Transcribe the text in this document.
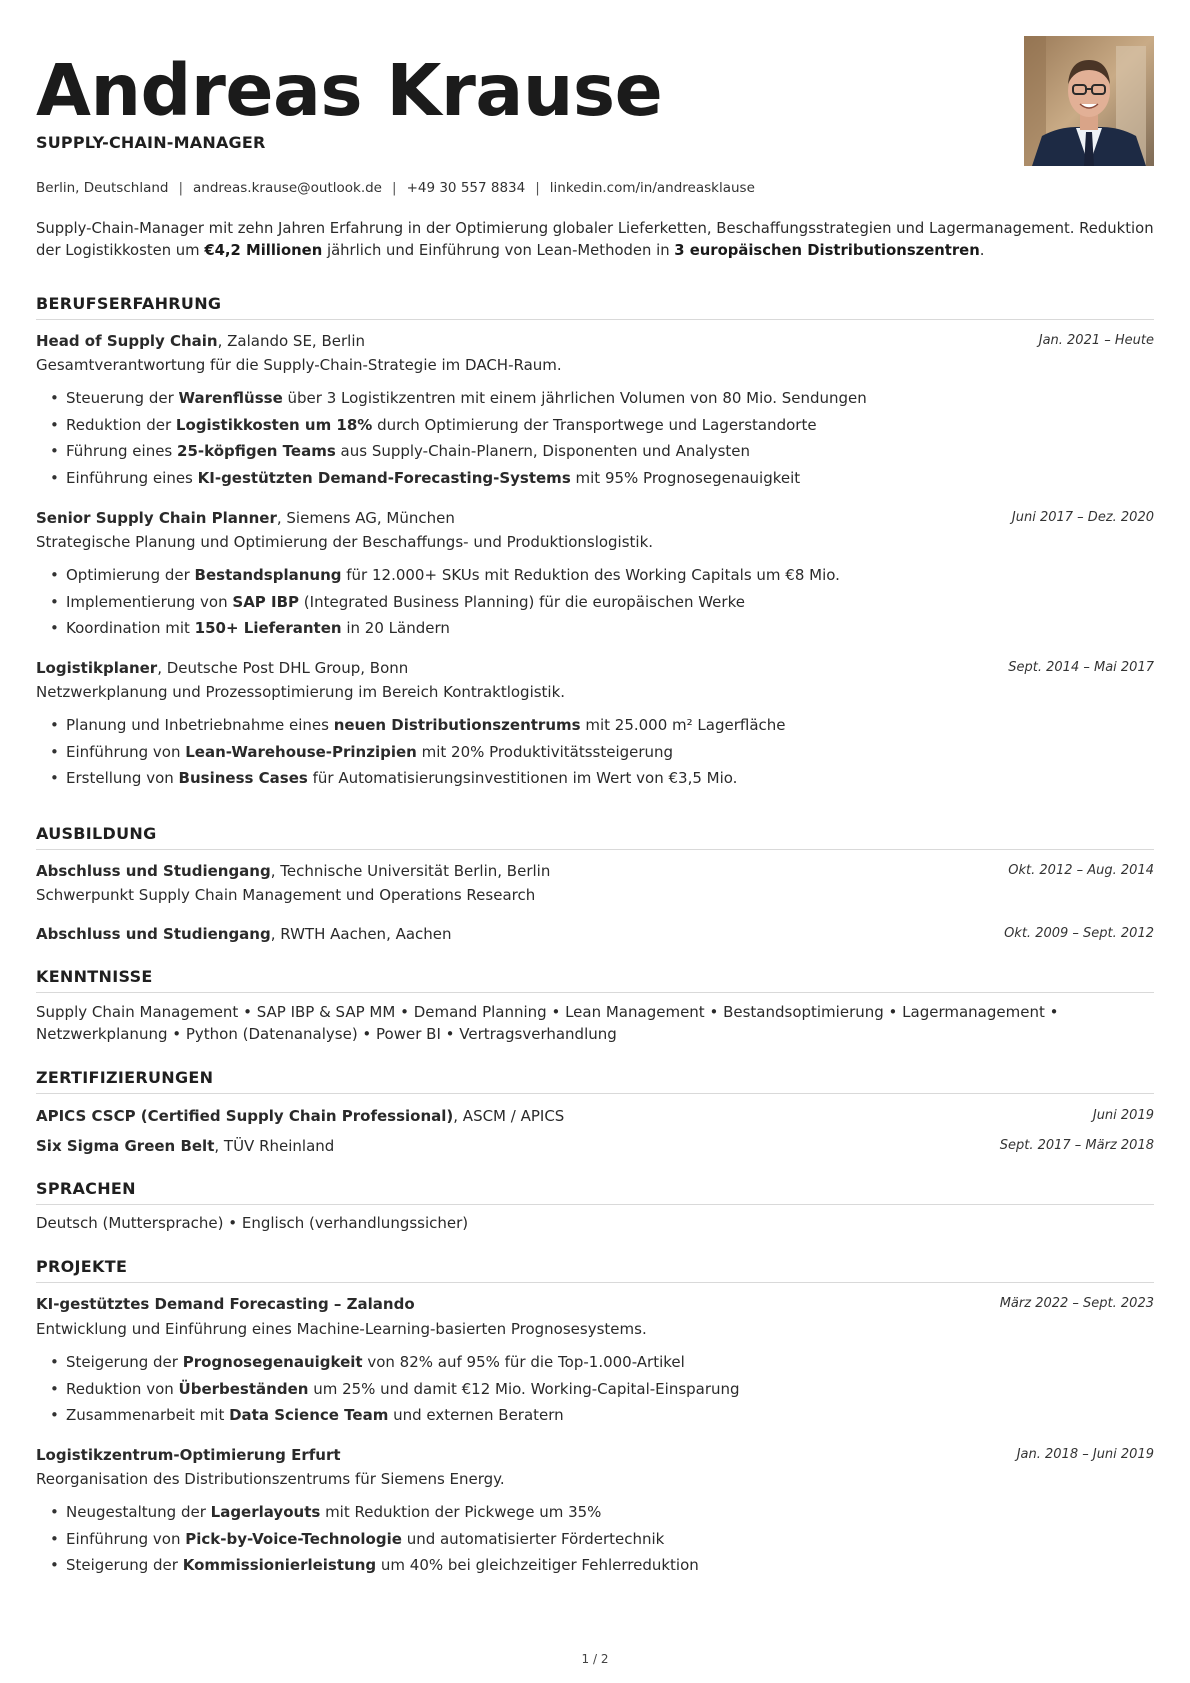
Andreas Krause
SUPPLY-CHAIN-MANAGER
Berlin, Deutschland | andreas.krause@outlook.de | +49 30 557 8834 | linkedin.com/in/andreasklause
Supply-Chain-Manager mit zehn Jahren Erfahrung in der Optimierung globaler Lieferketten, Beschaffungsstrategien und Lagermanagement. Reduktion der Logistikkosten um €4,2 Millionen jährlich und Einführung von Lean-Methoden in 3 europäischen Distributionszentren.
BERUFSERFAHRUNG
Head of Supply Chain, Zalando SE, Berlin	Jan. 2021 – Heute
Gesamtverantwortung für die Supply-Chain-Strategie im DACH-Raum.
• Steuerung der Warenflüsse über 3 Logistikzentren mit einem jährlichen Volumen von 80 Mio. Sendungen
• Reduktion der Logistikkosten um 18% durch Optimierung der Transportwege und Lagerstandorte
• Führung eines 25-köpfigen Teams aus Supply-Chain-Planern, Disponenten und Analysten
• Einführung eines KI-gestützten Demand-Forecasting-Systems mit 95% Prognosegenauigkeit
Senior Supply Chain Planner, Siemens AG, München	Juni 2017 – Dez. 2020
Strategische Planung und Optimierung der Beschaffungs- und Produktionslogistik.
• Optimierung der Bestandsplanung für 12.000+ SKUs mit Reduktion des Working Capitals um €8 Mio.
• Implementierung von SAP IBP (Integrated Business Planning) für die europäischen Werke
• Koordination mit 150+ Lieferanten in 20 Ländern
Logistikplaner, Deutsche Post DHL Group, Bonn	Sept. 2014 – Mai 2017
Netzwerkplanung und Prozessoptimierung im Bereich Kontraktlogistik.
• Planung und Inbetriebnahme eines neuen Distributionszentrums mit 25.000 m² Lagerfläche
• Einführung von Lean-Warehouse-Prinzipien mit 20% Produktivitätssteigerung
• Erstellung von Business Cases für Automatisierungsinvestitionen im Wert von €3,5 Mio.
AUSBILDUNG
Abschluss und Studiengang, Technische Universität Berlin, Berlin	Okt. 2012 – Aug. 2014
Schwerpunkt Supply Chain Management und Operations Research
Abschluss und Studiengang, RWTH Aachen, Aachen	Okt. 2009 – Sept. 2012
KENNTNISSE
Supply Chain Management • SAP IBP & SAP MM • Demand Planning • Lean Management • Bestandsoptimierung • Lagermanagement • Netzwerkplanung • Python (Datenanalyse) • Power BI • Vertragsverhandlung
ZERTIFIZIERUNGEN
APICS CSCP (Certified Supply Chain Professional), ASCM / APICS	Juni 2019
Six Sigma Green Belt, TÜV Rheinland	Sept. 2017 – März 2018
SPRACHEN
Deutsch (Muttersprache) • Englisch (verhandlungssicher)
PROJEKTE
KI-gestütztes Demand Forecasting – Zalando	März 2022 – Sept. 2023
Entwicklung und Einführung eines Machine-Learning-basierten Prognosesystems.
• Steigerung der Prognosegenauigkeit von 82% auf 95% für die Top-1.000-Artikel
• Reduktion von Überbeständen um 25% und damit €12 Mio. Working-Capital-Einsparung
• Zusammenarbeit mit Data Science Team und externen Beratern
Logistikzentrum-Optimierung Erfurt	Jan. 2018 – Juni 2019
Reorganisation des Distributionszentrums für Siemens Energy.
• Neugestaltung der Lagerlayouts mit Reduktion der Pickwege um 35%
• Einführung von Pick-by-Voice-Technologie und automatisierter Fördertechnik
• Steigerung der Kommissionierleistung um 40% bei gleichzeitiger Fehlerreduktion
1 / 2
